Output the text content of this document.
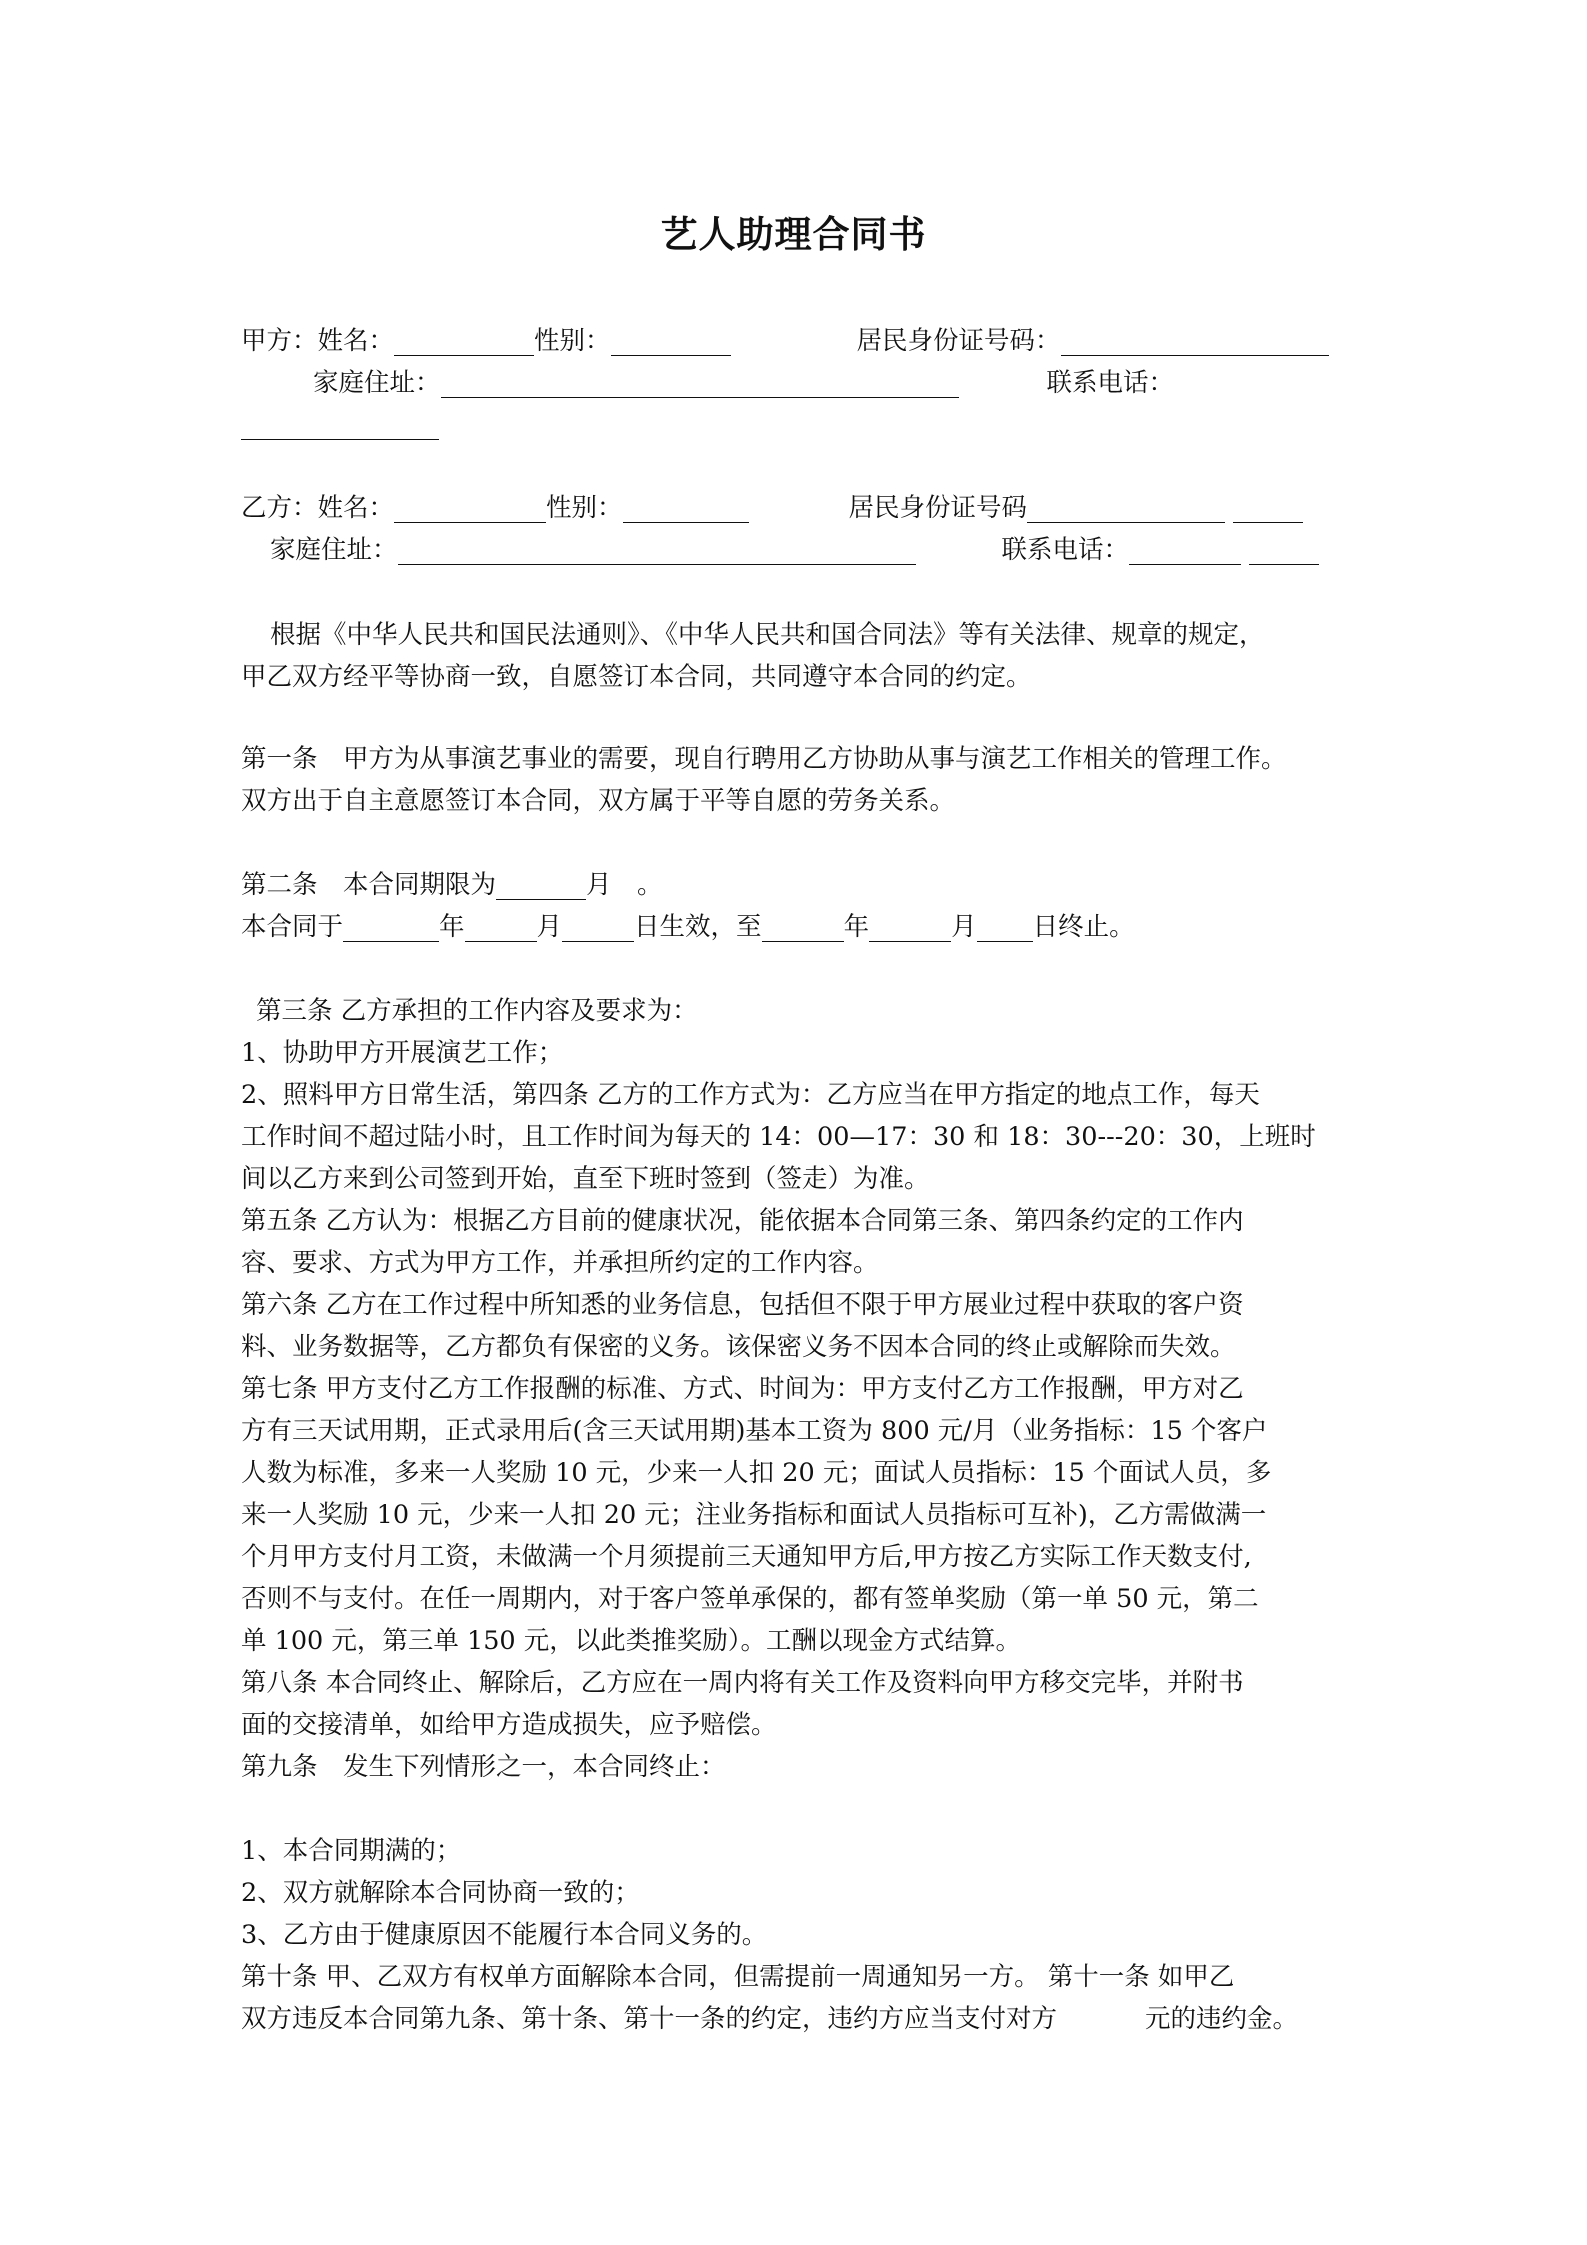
艺人助理合同书
甲方：姓名：	性别：	居民身份证号码：
家庭住址：	联系电话：
乙方：姓名：	性别：	居民身份证号码
家庭住址：	联系电话：
根据《中华人民共和国民法通则》、《中华人民共和国合同法》等有关法律、规章的规定，
甲乙双方经平等协商一致，自愿签订本合同，共同遵守本合同的约定。
第一条　甲方为从事演艺事业的需要，现自行聘用乙方协助从事与演艺工作相关的管理工作。
双方出于自主意愿签订本合同，双方属于平等自愿的劳务关系。
第二条　本合同期限为	月　。
本合同于	年	月	日生效，至	年	月 日终止。
第三条 乙方承担的工作内容及要求为：
1、协助甲方开展演艺工作；
2、照料甲方日常生活，第四条 乙方的工作方式为：乙方应当在甲方指定的地点工作，每天
工作时间不超过陆小时，且工作时间为每天的 14：00—17：30 和 18：30---20：30，上班时
间以乙方来到公司签到开始，直至下班时签到（签走）为准。
第五条 乙方认为：根据乙方目前的健康状况，能依据本合同第三条、第四条约定的工作内
容、要求、方式为甲方工作，并承担所约定的工作内容。
第六条 乙方在工作过程中所知悉的业务信息，包括但不限于甲方展业过程中获取的客户资
料、业务数据等，乙方都负有保密的义务。该保密义务不因本合同的终止或解除而失效。
第七条 甲方支付乙方工作报酬的标准、方式、时间为：甲方支付乙方工作报酬，甲方对乙
方有三天试用期，正式录用后(含三天试用期)基本工资为 800 元/月（业务指标：15 个客户
人数为标准，多来一人奖励 10 元，少来一人扣 20 元；面试人员指标：15 个面试人员，多
来一人奖励 10 元，少来一人扣 20 元；注业务指标和面试人员指标可互补)，乙方需做满一
个月甲方支付月工资，未做满一个月须提前三天通知甲方后,甲方按乙方实际工作天数支付,
否则不与支付。在任一周期内，对于客户签单承保的，都有签单奖励（第一单 50 元，第二
单 100 元，第三单 150 元，以此类推奖励）。工酬以现金方式结算。
第八条 本合同终止、解除后，乙方应在一周内将有关工作及资料向甲方移交完毕，并附书
面的交接清单，如给甲方造成损失，应予赔偿。
第九条　发生下列情形之一，本合同终止：
1、本合同期满的；
2、双方就解除本合同协商一致的；
3、乙方由于健康原因不能履行本合同义务的。
第十条 甲、乙双方有权单方面解除本合同，但需提前一周通知另一方。 第十一条 如甲乙
双方违反本合同第九条、第十条、第十一条的约定，违约方应当支付对方	元的违约金。
